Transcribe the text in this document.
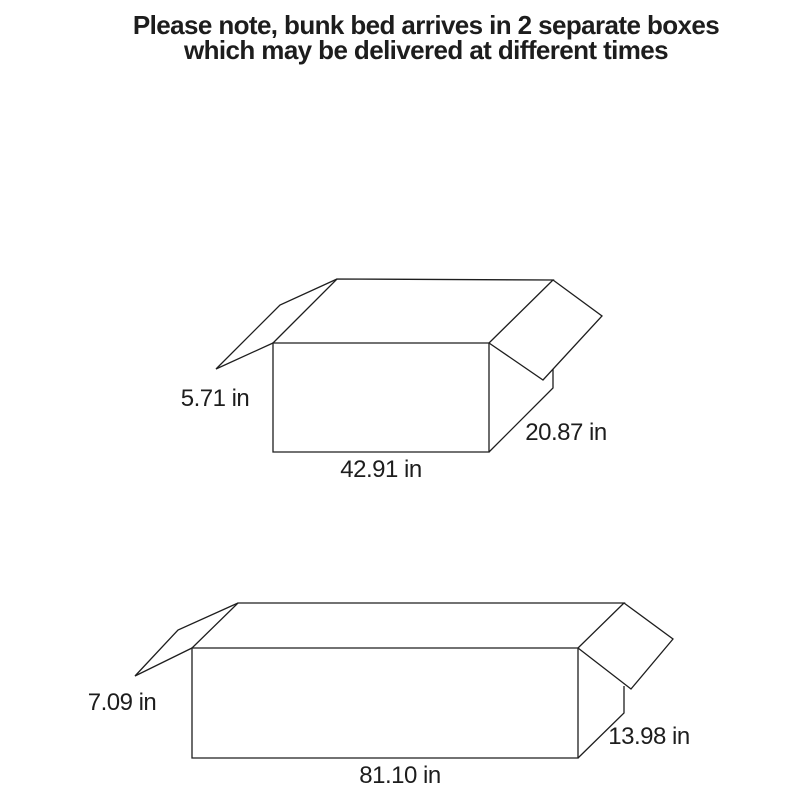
Please note, bunk bed arrives in 2 separate boxes
which may be delivered at different times
5.71 in
42.91 in
20.87 in
7.09 in
81.10 in
13.98 in
